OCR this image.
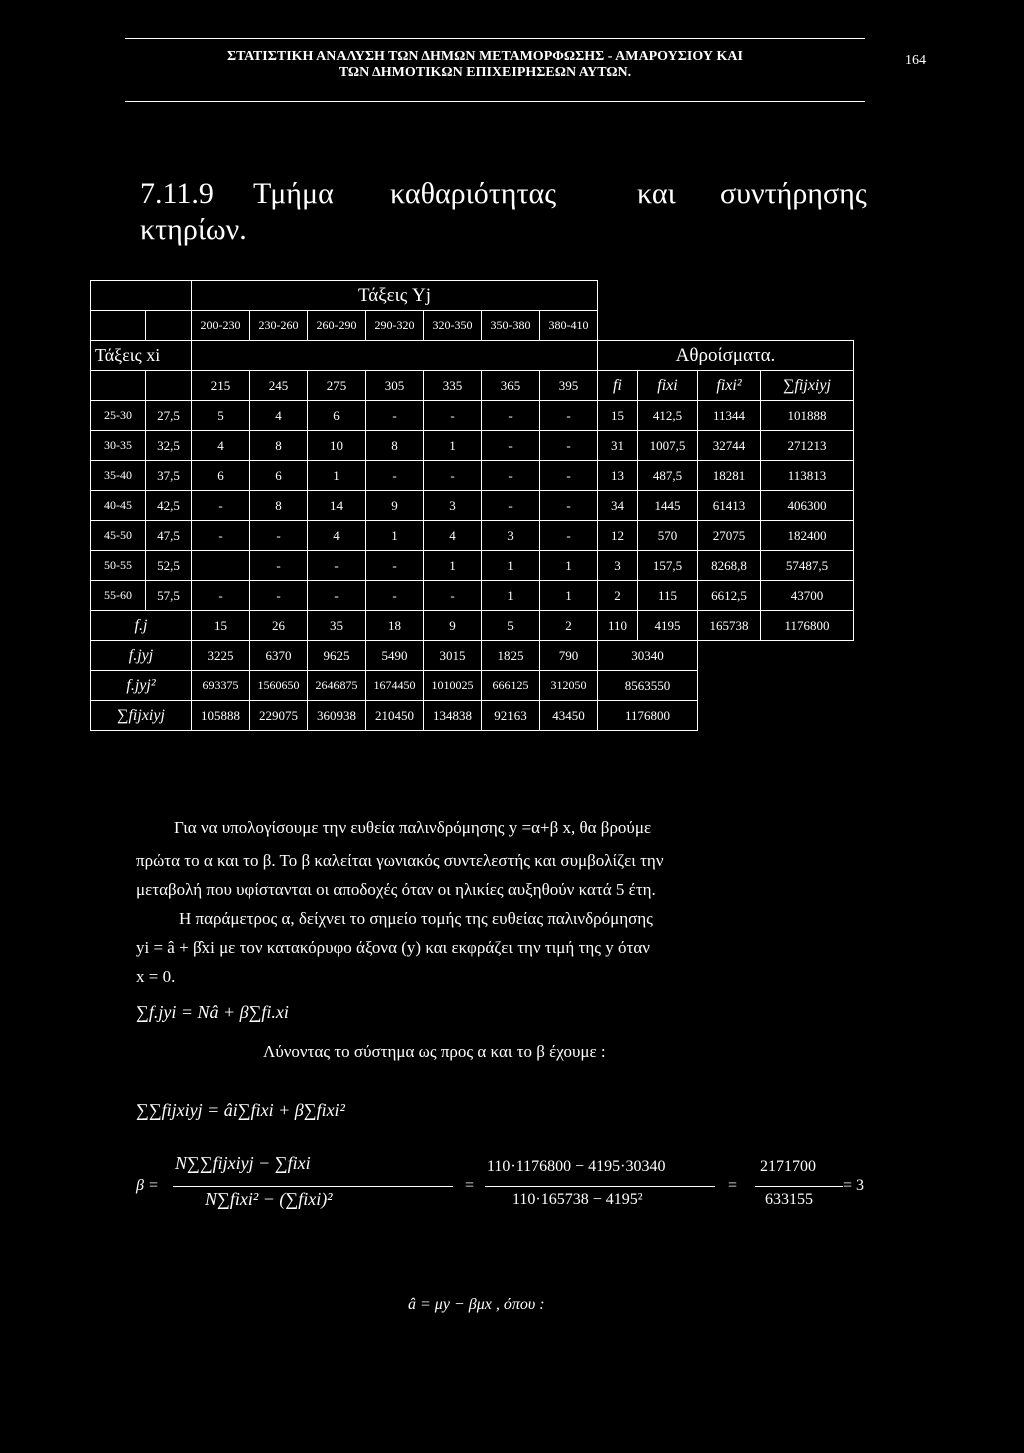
ΣΤΑΤΙΣΤΙΚΗ ΑΝΑΛΥΣΗ ΤΩΝ ΔΗΜΩΝ ΜΕΤΑΜΟΡΦΩΣΗΣ - ΑΜΑΡΟΥΣΙΟΥ ΚΑΙ
ΤΩΝ ΔΗΜΟΤΙΚΩΝ ΕΠΙΧΕΙΡΗΣΕΩΝ ΑΥΤΩΝ.
164
7.11.9 Τμήμα καθαριότητας	και συντήρησης
κτηρίων.
		Τάξεις Yj										
		200-230	230-260	260-290	290-320	320-350	350-380	380-410				
Τάξεις xi									Αθροίσματα.			
		215	245	275	305	335	365	395	fi	fixi	fixi²	∑fijxiyj
25-30	27,5	5	4	6	-	-	-	-	15	412,5	11344	101888
30-35	32,5	4	8	10	8	1	-	-	31	1007,5	32744	271213
35-40	37,5	6	6	1	-	-	-	-	13	487,5	18281	113813
40-45	42,5	-	8	14	9	3	-	-	34	1445	61413	406300
45-50	47,5	-	-	4	1	4	3	-	12	570	27075	182400
50-55	52,5		-	-	-	1	1	1	3	157,5	8268,8	57487,5
55-60	57,5	-	-	-	-	-	1	1	2	115	6612,5	43700
f.j		15	26	35	18	9	5	2	110	4195	165738	1176800
f.jyj		3225	6370	9625	5490	3015	1825	790	30340			
f.jyj²		693375	1560650	2646875	1674450	1010025	666125	312050	8563550			
∑fijxiyj		105888	229075	360938	210450	134838	92163	43450	1176800			
Για να υπολογίσουμε την ευθεία παλινδρόμησης y =α+β x, θα βρούμε
πρώτα το α και το β. Το β καλείται γωνιακός συντελεστής και συμβολίζει την
μεταβολή που υφίστανται οι αποδοχές όταν οι ηλικίες αυξηθούν κατά 5 έτη.
Η παράμετρος α, δείχνει το σημείο τομής της ευθείας παλινδρόμησης
yi = â + β̂xi με τον κατακόρυφο άξονα (y) και εκφράζει την τιμή της y όταν
x = 0.
∑f.jyi = Nâ + β∑fi.xi
Λύνοντας το σύστημα ως προς α και το β έχουμε :
∑∑fijxiyj = âi∑fixi + β∑fixi²
β =
N∑∑fijxiyj − ∑fixi
N∑fixi² − (∑fixi)²
=
110·1176800 − 4195·30340
110·165738 − 4195²
=
2171700
633155
= 3
â = μy − βμx , όπου :
